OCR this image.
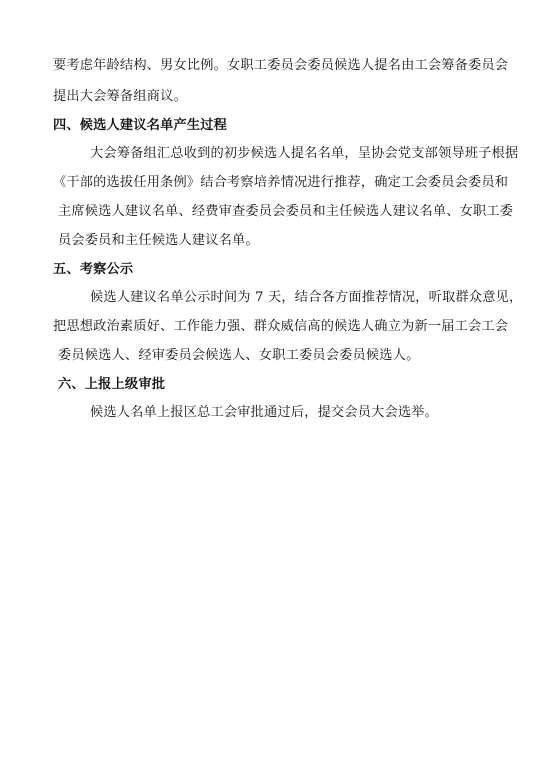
要考虑年龄结构、男女比例。女职工委员会委员候选人提名由工会筹备委员会
提出大会筹备组商议。
四、候选人建议名单产生过程
大会筹备组汇总收到的初步候选人提名名单，呈协会党支部领导班子根据
《干部的选拔任用条例》结合考察培养情况进行推荐，确定工会委员会委员和
主席候选人建议名单、经费审查委员会委员和主任候选人建议名单、女职工委
员会委员和主任候选人建议名单。
五、考察公示
候选人建议名单公示时间为 7 天，结合各方面推荐情况，听取群众意见，
把思想政治素质好、工作能力强、群众威信高的候选人确立为新一届工会工会
委员候选人、经审委员会候选人、女职工委员会委员候选人。
六、上报上级审批
候选人名单上报区总工会审批通过后，提交会员大会选举。
